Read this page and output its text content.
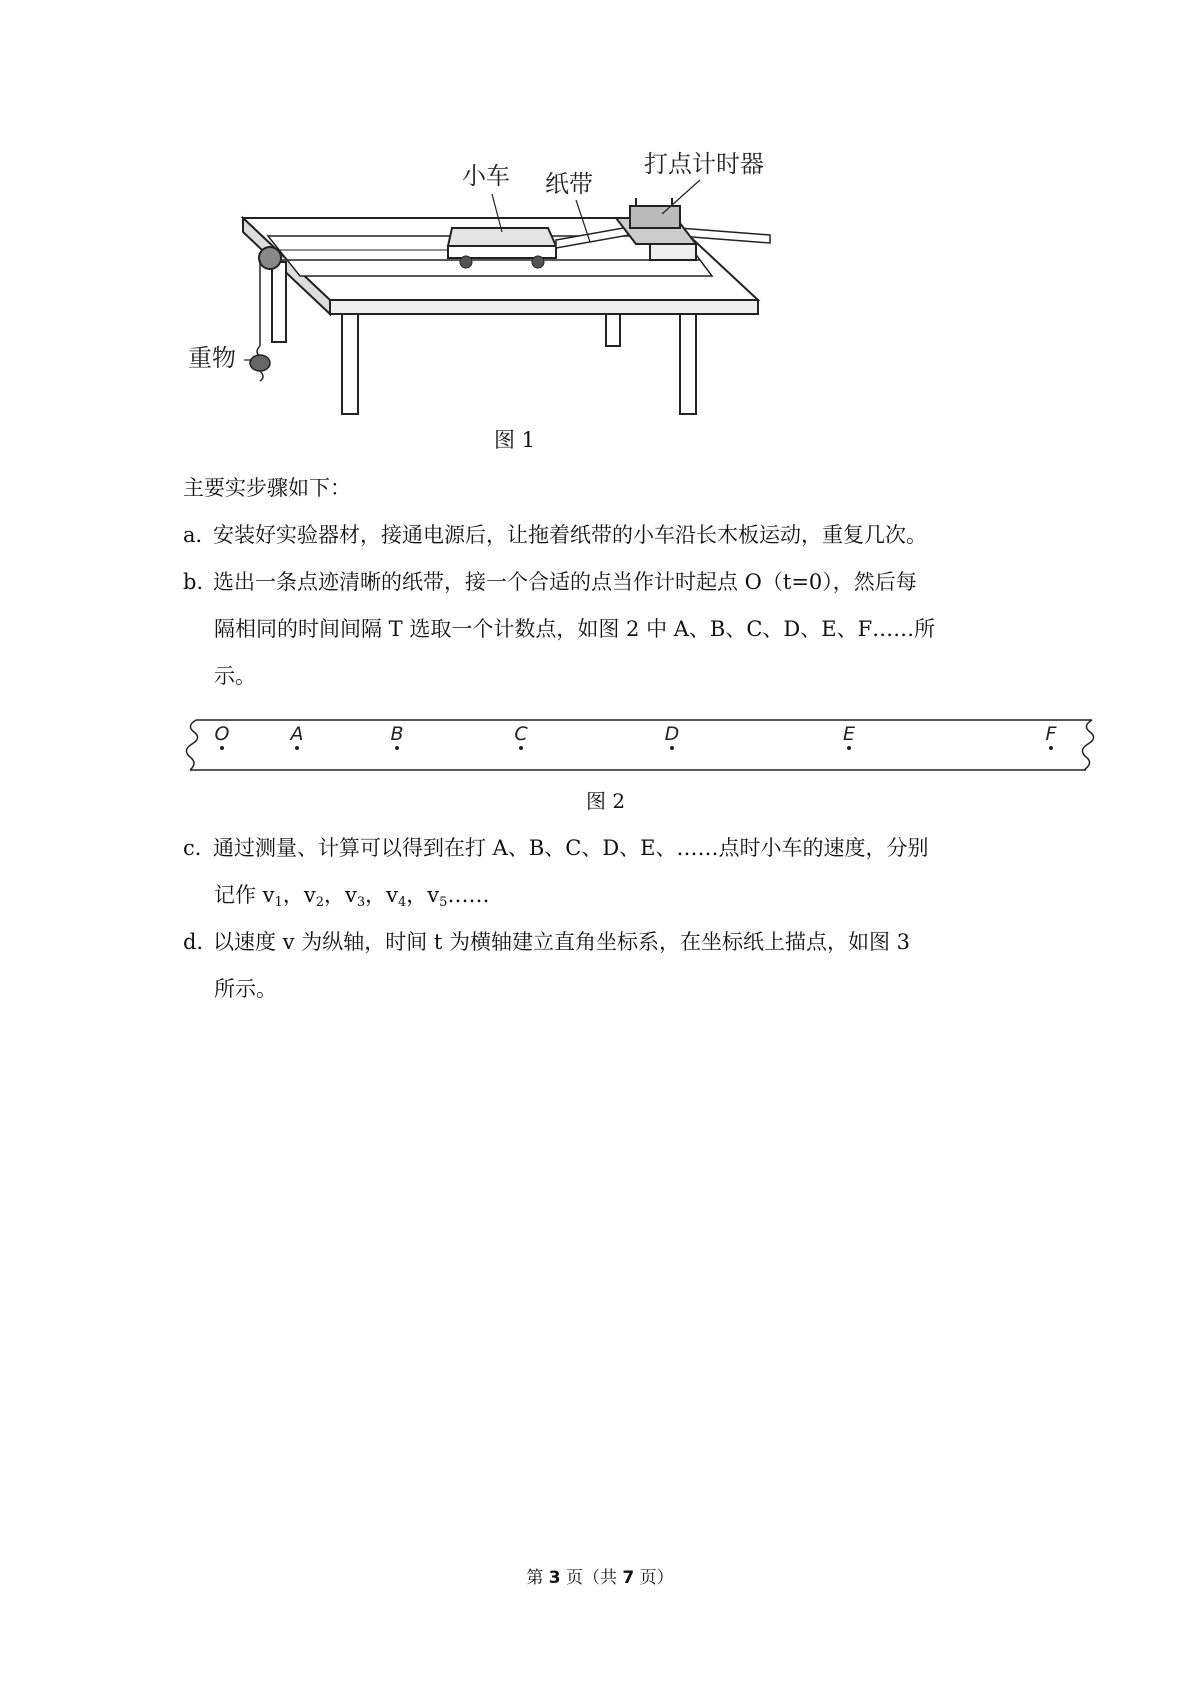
小车 纸带
打点计时器
重物
图 1
主要实步骤如下：
a．安装好实验器材，接通电源后，让拖着纸带的小车沿长木板运动，重复几次。
b．选出一条点迹清晰的纸带，接一个合适的点当作计时起点 O（t=0），然后每
隔相同的时间间隔 T 选取一个计数点，如图 2 中 A、B、C、D、E、F……所
示。
O	A	B	C	D	E	F
图 2
c．通过测量、计算可以得到在打 A、B、C、D、E、……点时小车的速度，分别
记作 $v_1$，$v_2$，$v_3$，$v_4$，$v_5\dots\dots$
d．以速度 v 为纵轴，时间 t 为横轴建立直角坐标系，在坐标纸上描点，如图 3
所示。
第 3 页（共 7 页）
